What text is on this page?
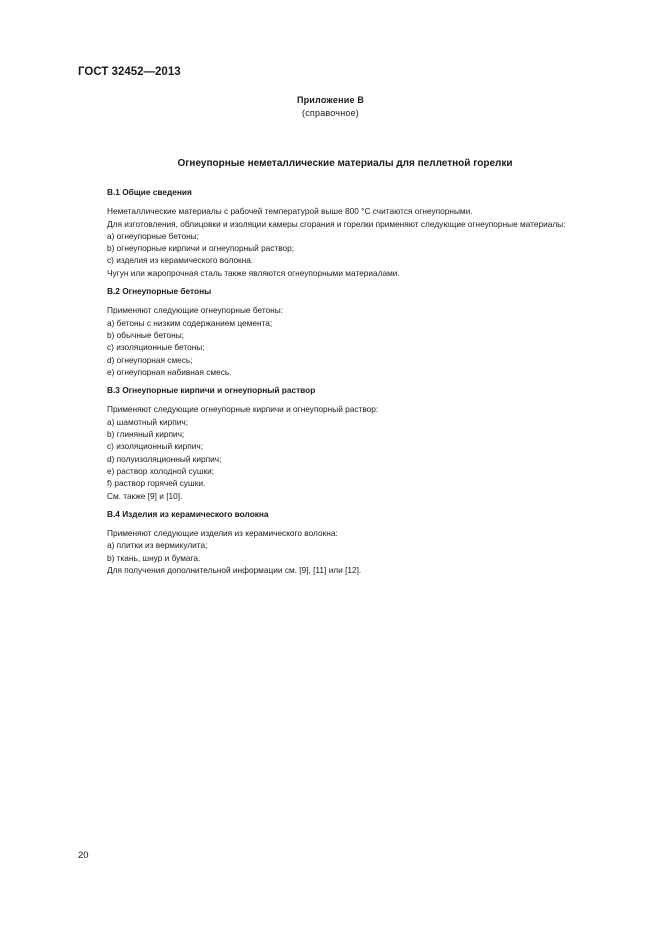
ГОСТ 32452—2013
Приложение В
(справочное)
Огнеупорные неметаллические материалы для пеллетной горелки
В.1 Общие сведения

Неметаллические материалы с рабочей температурой выше 800 °С считаются огнеупорными.

Для изготовления, облицовки и изоляции камеры сгорания и горелки применяют следующие огнеупорные материалы:

а) огнеупорные бетоны;

b) огнеупорные кирпичи и огнеупорный раствор;

с) изделия из керамического волокна.

Чугун или жаропрочная сталь также являются огнеупорными материалами.

В.2 Огнеупорные бетоны

Применяют следующие огнеупорные бетоны:

а) бетоны с низким содержанием цемента;

b) обычные бетоны;

с) изоляционные бетоны;

d) огнеупорная смесь;

е) огнеупорная набивная смесь.

В.3 Огнеупорные кирпичи и огнеупорный раствор

Применяют следующие огнеупорные кирпичи и огнеупорный раствор:

а) шамотный кирпич;

b) глиняный кирпич;

с) изоляционный кирпич;

d) полуизоляционный кирпич;

е) раствор холодной сушки;

f) раствор горячей сушки.

См. также [9] и [10].

В.4 Изделия из керамического волокна

Применяют следующие изделия из керамического волокна:

а) плитки из вермикулита;

b) ткань, шнур и бумага.

Для получения дополнительной информации см. [9], [11] или [12].

20
